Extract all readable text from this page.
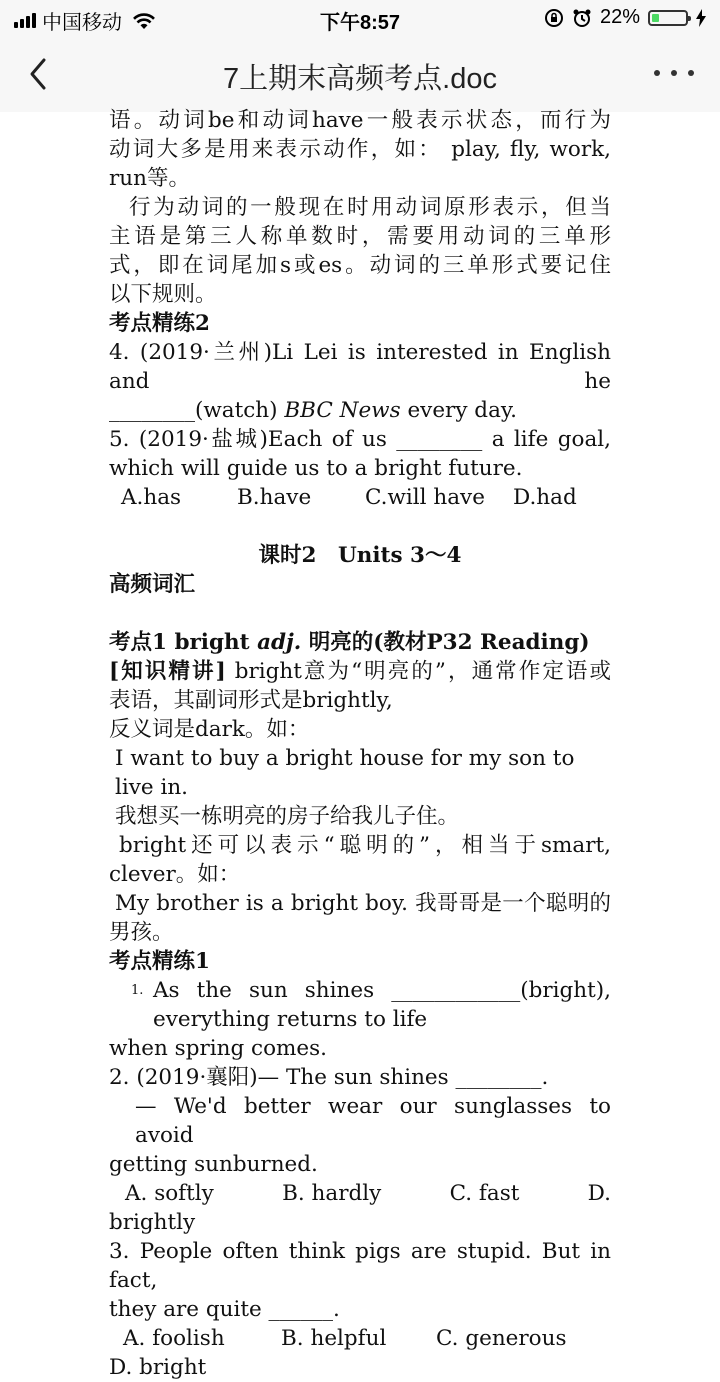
中国移动	下午8:57	22%
7上期末高频考点.doc

语。动词be和动词have一般表示状态，而行为

动词大多是用来表示动作，如： play, fly, work,

run等。

行为动词的一般现在时用动词原形表示，但当

主语是第三人称单数时，需要用动词的三单形

式，即在词尾加s或es。动词的三单形式要记住

以下规则。

考点精练2

4. (2019·兰州)Li Lei is interested in English and he

________(watch) BBC News every day.

5. (2019·盐城)Each of us ________ a life goal,

which will guide us to a bright future.

A.has	B.have	C.will have	D.had

课时2　Units 3～4

高频词汇

考点1 bright adj. 明亮的(教材P32 Reading)

[知识精讲] bright意为“明亮的”，通常作定语或

表语，其副词形式是brightly,

反义词是dark。如：

I want to buy a bright house for my son to live in.

我想买一栋明亮的房子给我儿子住。

bright还可以表示“聪明的”，相当于smart,

clever。如：

My brother is a bright boy. 我哥哥是一个聪明的

男孩。

考点精练1

1. As the sun shines ____________(bright),

everything returns to life

when spring comes.

2. (2019·襄阳)— The sun shines ________.

— We'd better wear our sunglasses to avoid

getting sunburned.

A. softly	B. hardly	C. fast	D.

brightly

3. People often think pigs are stupid. But in fact,

they are quite ______.

A. foolish	B. helpful	C. generous

D. bright
